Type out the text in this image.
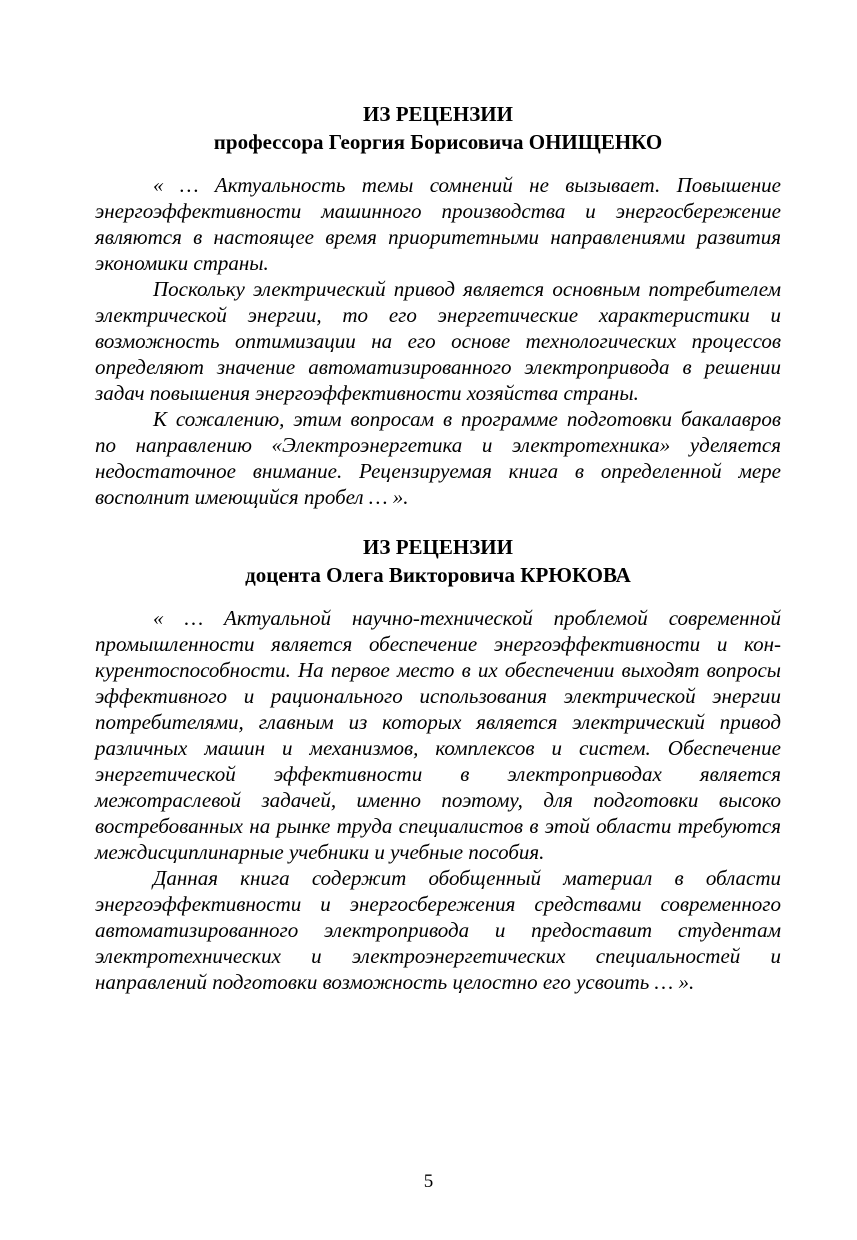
ИЗ РЕЦЕНЗИИ
профессора Георгия Борисовича ОНИЩЕНКО

« … Актуальность темы сомнений не вызывает. Повышение энергоэффективности машинного производства и энергосбережение являются в настоящее время приоритетными направлениями развития экономики страны.

Поскольку электрический привод является основным потребителем электрической энергии, то его энергетические характеристики и возможность оптимизации на его основе технологических процессов определяют значение автоматизированного электропривода в решении задач повышения энергоэффективности хозяйства страны.

К сожалению, этим вопросам в программе подготовки бакалавров по направлению «Электроэнергетика и электротехника» уделяется недостаточное внимание. Рецензируемая книга в определенной мере восполнит имеющийся пробел … ».

ИЗ РЕЦЕНЗИИ
доцента Олега Викторовича КРЮКОВА

« … Актуальной научно-технической проблемой современной промышленности является обеспечение энергоэффективности и конкурентоспособности. На первое место в их обеспечении выходят вопросы эффективного и рационального использования электрической энергии потребителями, главным из которых является электрический привод различных машин и механизмов, комплексов и систем. Обеспечение энергетической эффективности в электроприводах является межотраслевой задачей, именно поэтому, для подготовки высоко востребованных на рынке труда специалистов в этой области требуются междисциплинарные учебники и учебные пособия.

Данная книга содержит обобщенный материал в области энергоэффективности и энергосбережения средствами современного автоматизированного электропривода и предоставит студентам электротехнических и электроэнергетических специальностей и направлений подготовки возможность целостно его усвоить … ».

5
